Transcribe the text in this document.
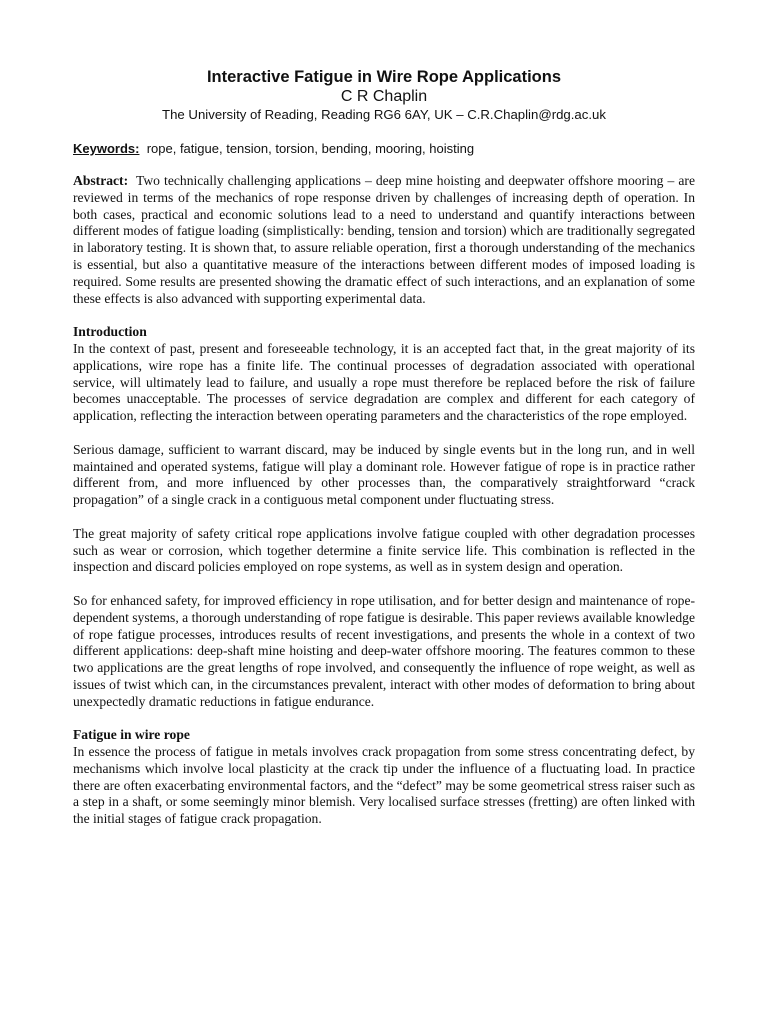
Interactive Fatigue in Wire Rope Applications
C R Chaplin
The University of Reading, Reading RG6 6AY, UK – C.R.Chaplin@rdg.ac.uk
Keywords: rope, fatigue, tension, torsion, bending, mooring, hoisting

Abstract: Two technically challenging applications – deep mine hoisting and deepwater offshore mooring – are reviewed in terms of the mechanics of rope response driven by challenges of increasing depth of operation. In both cases, practical and economic solutions lead to a need to understand and quantify interactions between different modes of fatigue loading (simplistically: bending, tension and torsion) which are traditionally segregated in laboratory testing. It is shown that, to assure reliable operation, first a thorough understanding of the mechanics is essential, but also a quantitative measure of the interactions between different modes of imposed loading is required. Some results are presented showing the dramatic effect of such interactions, and an explanation of some these effects is also advanced with supporting experimental data.

Introduction

In the context of past, present and foreseeable technology, it is an accepted fact that, in the great majority of its applications, wire rope has a finite life. The continual processes of degradation associated with operational service, will ultimately lead to failure, and usually a rope must therefore be replaced before the risk of failure becomes unacceptable. The processes of service degradation are complex and different for each category of application, reflecting the interaction between operating parameters and the characteristics of the rope employed.

Serious damage, sufficient to warrant discard, may be induced by single events but in the long run, and in well maintained and operated systems, fatigue will play a dominant role. However fatigue of rope is in practice rather different from, and more influenced by other processes than, the comparatively straightforward “crack propagation” of a single crack in a contiguous metal component under fluctuating stress.

The great majority of safety critical rope applications involve fatigue coupled with other degradation processes such as wear or corrosion, which together determine a finite service life. This combination is reflected in the inspection and discard policies employed on rope systems, as well as in system design and operation.

So for enhanced safety, for improved efficiency in rope utilisation, and for better design and maintenance of rope-dependent systems, a thorough understanding of rope fatigue is desirable. This paper reviews available knowledge of rope fatigue processes, introduces results of recent investigations, and presents the whole in a context of two different applications: deep-shaft mine hoisting and deep-water offshore mooring. The features common to these two applications are the great lengths of rope involved, and consequently the influence of rope weight, as well as issues of twist which can, in the circumstances prevalent, interact with other modes of deformation to bring about unexpectedly dramatic reductions in fatigue endurance.

Fatigue in wire rope

In essence the process of fatigue in metals involves crack propagation from some stress concentrating defect, by mechanisms which involve local plasticity at the crack tip under the influence of a fluctuating load. In practice there are often exacerbating environmental factors, and the “defect” may be some geometrical stress raiser such as a step in a shaft, or some seemingly minor blemish. Very localised surface stresses (fretting) are often linked with the initial stages of fatigue crack propagation.
